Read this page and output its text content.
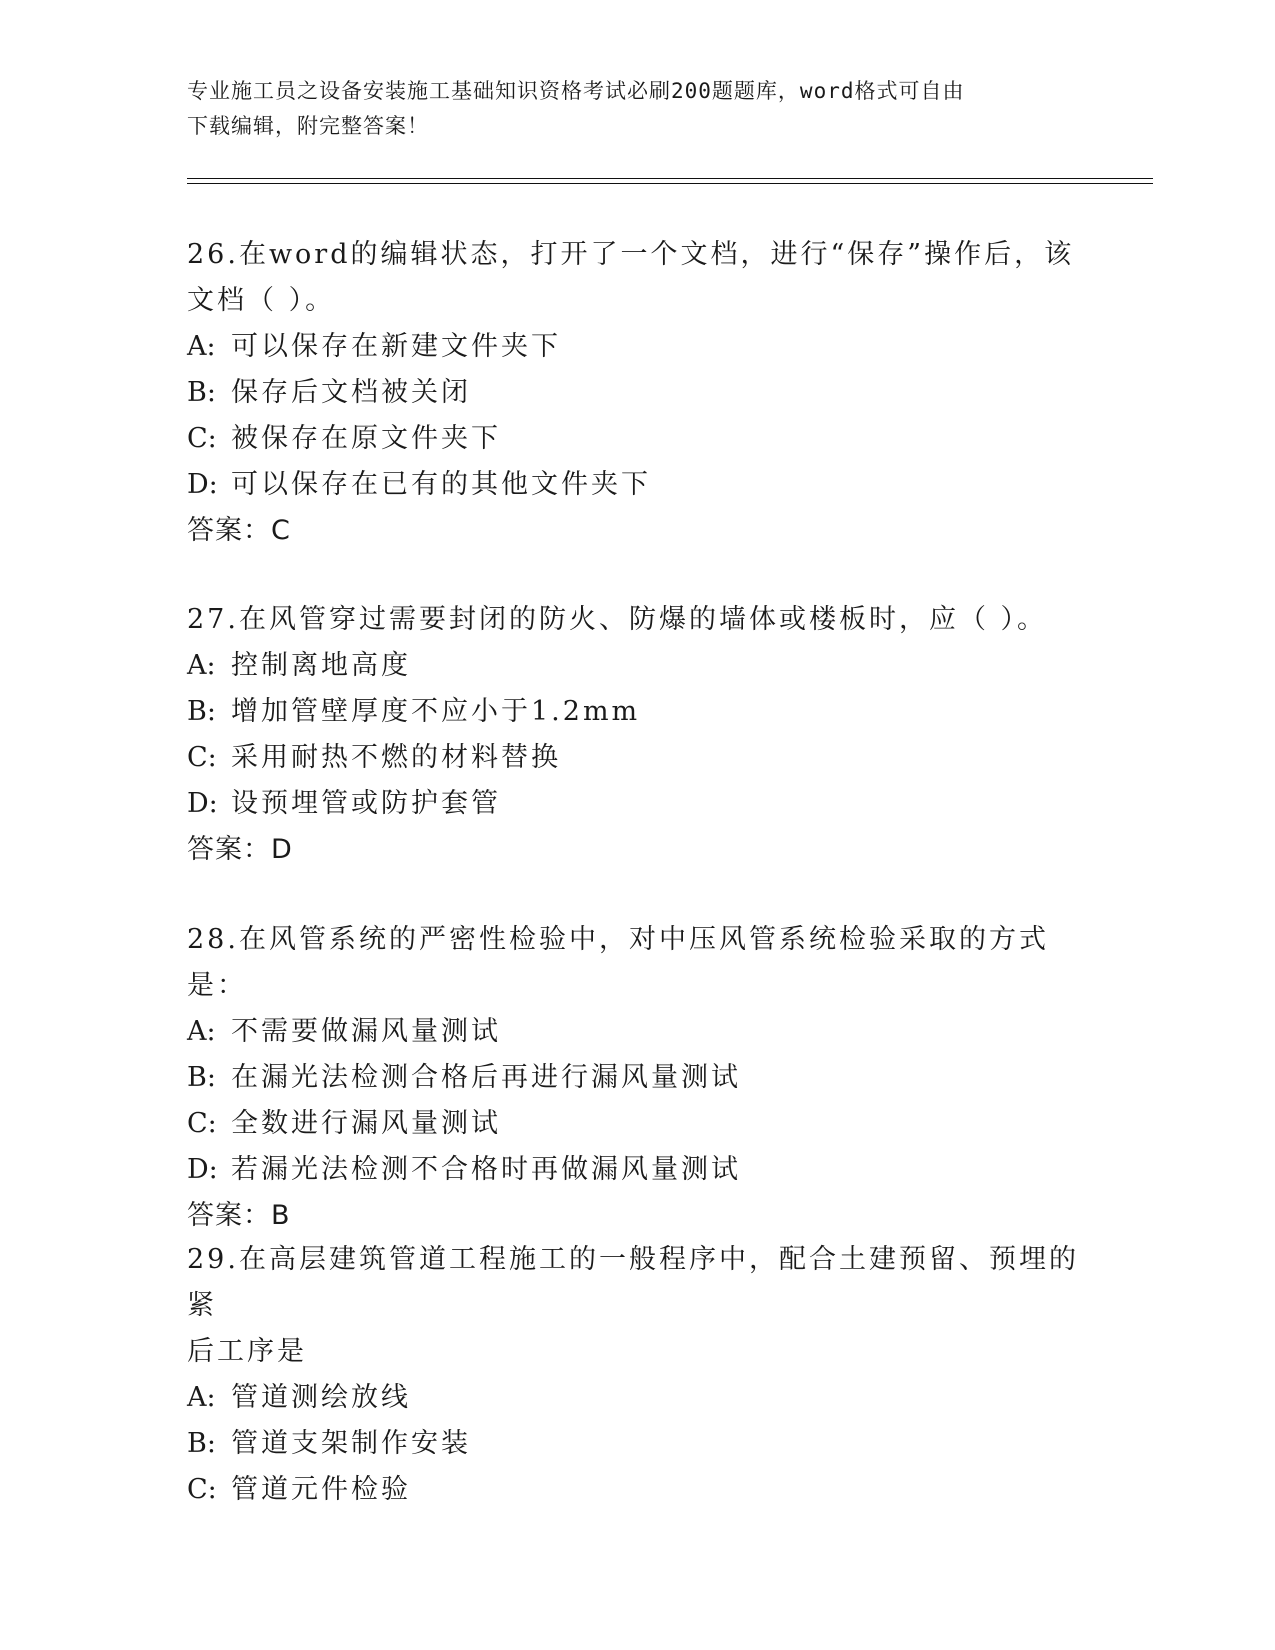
专业施工员之设备安装施工基础知识资格考试必刷200题题库，word格式可自由
下载编辑，附完整答案！

26.在word的编辑状态，打开了一个文档，进行“保存”操作后，该

文档（ ）。

A: 可以保存在新建文件夹下

B: 保存后文档被关闭

C: 被保存在原文件夹下

D: 可以保存在已有的其他文件夹下

答案：C

27.在风管穿过需要封闭的防火、防爆的墙体或楼板时，应（ ）。

A: 控制离地高度

B: 增加管壁厚度不应小于1.2mm

C: 采用耐热不燃的材料替换

D: 设预埋管或防护套管

答案：D

28.在风管系统的严密性检验中，对中压风管系统检验采取的方式是：

A: 不需要做漏风量测试

B: 在漏光法检测合格后再进行漏风量测试

C: 全数进行漏风量测试

D: 若漏光法检测不合格时再做漏风量测试

答案：B

29.在高层建筑管道工程施工的一般程序中，配合土建预留、预埋的紧

后工序是

A: 管道测绘放线

B: 管道支架制作安装

C: 管道元件检验
